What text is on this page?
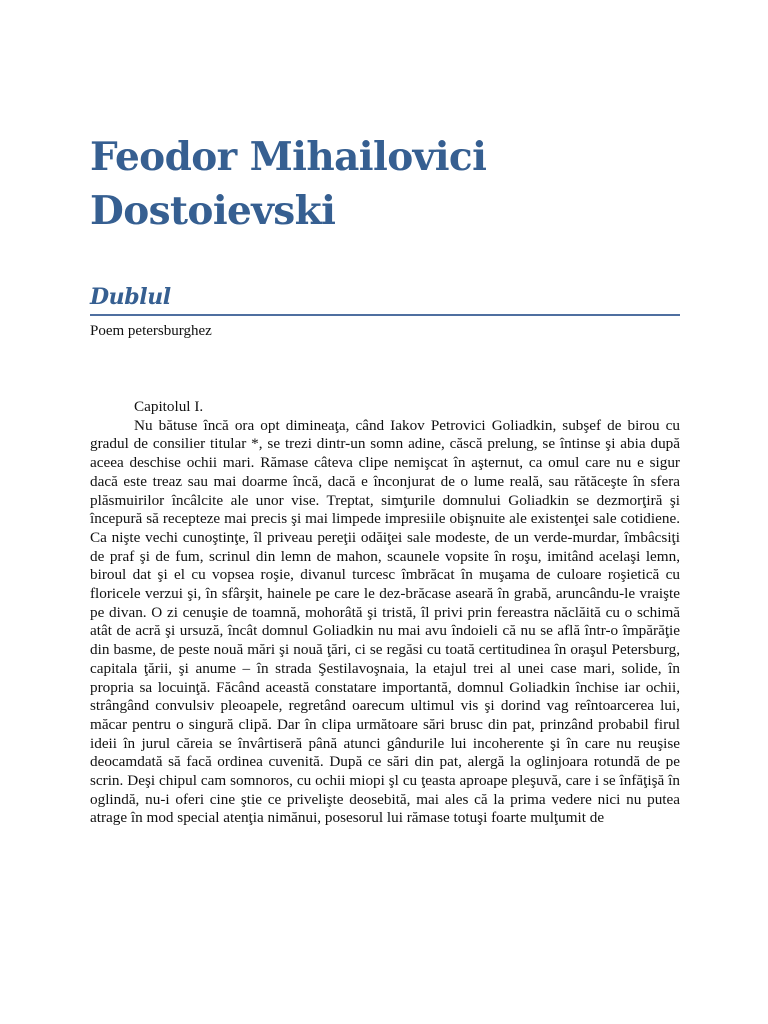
Feodor Mihailovici Dostoievski
Dublul

Poem petersburghez

Capitolul I.

Nu bătuse încă ora opt dimineaţa, când Iakov Petrovici Goliadkin, subşef de birou cu gradul de consilier titular *, se trezi dintr-un somn adine, căscă prelung, se întinse şi abia după aceea deschise ochii mari. Rămase câteva clipe nemişcat în aşternut, ca omul care nu e sigur dacă este treaz sau mai doarme încă, dacă e înconjurat de o lume reală, sau rătăceşte în sfera plăsmuirilor încâlcite ale unor vise. Treptat, simţurile domnului Goliadkin se dezmorţiră şi începură să recepteze mai precis şi mai limpede impresiile obişnuite ale existenţei sale cotidiene. Ca nişte vechi cunoştinţe, îl priveau pereţii odăiţei sale modeste, de un verde-murdar, îmbâcsiţi de praf şi de fum, scrinul din lemn de mahon, scaunele vopsite în roşu, imitând acelaşi lemn, biroul dat şi el cu vopsea roşie, divanul turcesc îmbrăcat în muşama de culoare roşietică cu floricele verzui şi, în sfârşit, hainele pe care le dez-brăcase aseară în grabă, aruncându-le vraişte pe divan. O zi cenuşie de toamnă, mohorâtă şi tristă, îl privi prin fereastra năclăită cu o schimă atât de acră şi ursuză, încât domnul Goliadkin nu mai avu îndoieli că nu se află într-o împărăţie din basme, de peste nouă mări şi nouă ţări, ci se regăsi cu toată certitudinea în oraşul Petersburg, capitala ţării, şi anume – în strada Şestilavoşnaia, la etajul trei al unei case mari, solide, în propria sa locuinţă. Făcând această constatare importantă, domnul Goliadkin închise iar ochii, strângând convulsiv pleoapele, regretând oarecum ultimul vis şi dorind vag reîntoarcerea lui, măcar pentru o singură clipă. Dar în clipa următoare sări brusc din pat, prinzând probabil firul ideii în jurul căreia se învârtiseră până atunci gândurile lui incoherente şi în care nu reuşise deocamdată să facă ordinea cuvenită. După ce sări din pat, alergă la oglinjoara rotundă de pe scrin. Deşi chipul cam somnoros, cu ochii miopi şl cu ţeasta aproape pleşuvă, care i se înfăţişă în oglindă, nu-i oferi cine ştie ce privelişte deosebită, mai ales că la prima vedere nici nu putea atrage în mod special atenţia nimănui, posesorul lui rămase totuşi foarte mulţumit de
